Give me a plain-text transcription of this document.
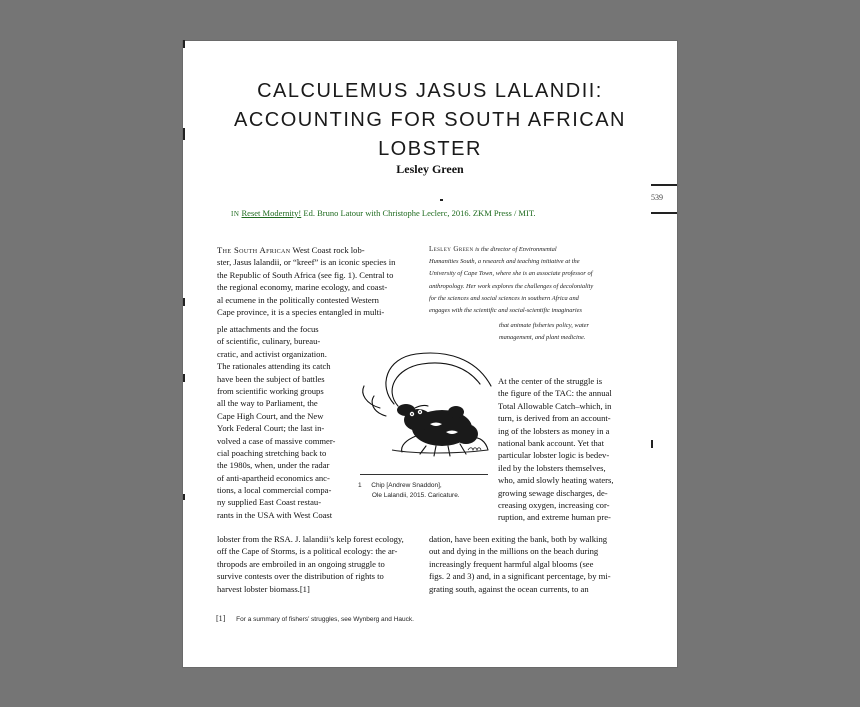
CALCULEMUS JASUS LALANDII:
ACCOUNTING FOR SOUTH AFRICAN
LOBSTER
Lesley Green
IN Reset Modernity! Ed. Bruno Latour with Christophe Leclerc, 2016. ZKM Press / MIT.
The South African West Coast rock lob-
ster, Jasus lalandii, or “kreef” is an iconic species in
the Republic of South Africa (see fig. 1). Central to
the regional economy, marine ecology, and coast-
al ecumene in the politically contested Western
Cape province, it is a species entangled in multi-
ple attachments and the focus
of scientific, culinary, bureau-
cratic, and activist organization.
The rationales attending its catch
have been the subject of battles
from scientific working groups
all the way to Parliament, the
Cape High Court, and the New
York Federal Court; the last in-
volved a case of massive commer-
cial poaching stretching back to
the 1980s, when, under the radar
of anti-apartheid economics anc-
tions, a local commercial compa-
ny supplied East Coast restau-
rants in the USA with West Coast
lobster from the RSA. J. lalandii’s kelp forest ecology,
off the Cape of Storms, is a political ecology: the ar-
thropods are embroiled in an ongoing struggle to
survive contests over the distribution of rights to
harvest lobster biomass.[1]
Lesley Green is the director of Environmental
Humanities South, a research and teaching initiative at the
University of Cape Town, where she is an associate professor of
anthropology. Her work explores the challenges of decoloniality
for the sciences and social sciences in southern Africa and
engages with the scientific and social-scientific imaginaries
that animate fisheries policy, water
management, and plant medicine.
At the center of the struggle is
the figure of the TAC: the annual
Total Allowable Catch–which, in
turn, is derived from an account-
ing of the lobsters as money in a
national bank account. Yet that
particular lobster logic is bedev-
iled by the lobsters themselves,
who, amid slowly heating waters,
growing sewage discharges, de-
creasing oxygen, increasing cor-
ruption, and extreme human pre-
dation, have been exiting the bank, both by walking
out and dying in the millions on the beach during
increasingly frequent harmful algal blooms (see
figs. 2 and 3) and, in a significant percentage, by mi-
grating south, against the ocean currents, to an
1 Chip [Andrew Snaddon],
Ole Lalandii, 2015. Caricature.
[1] For a summary of fishers’ struggles, see Wynberg and Hauck.
539
